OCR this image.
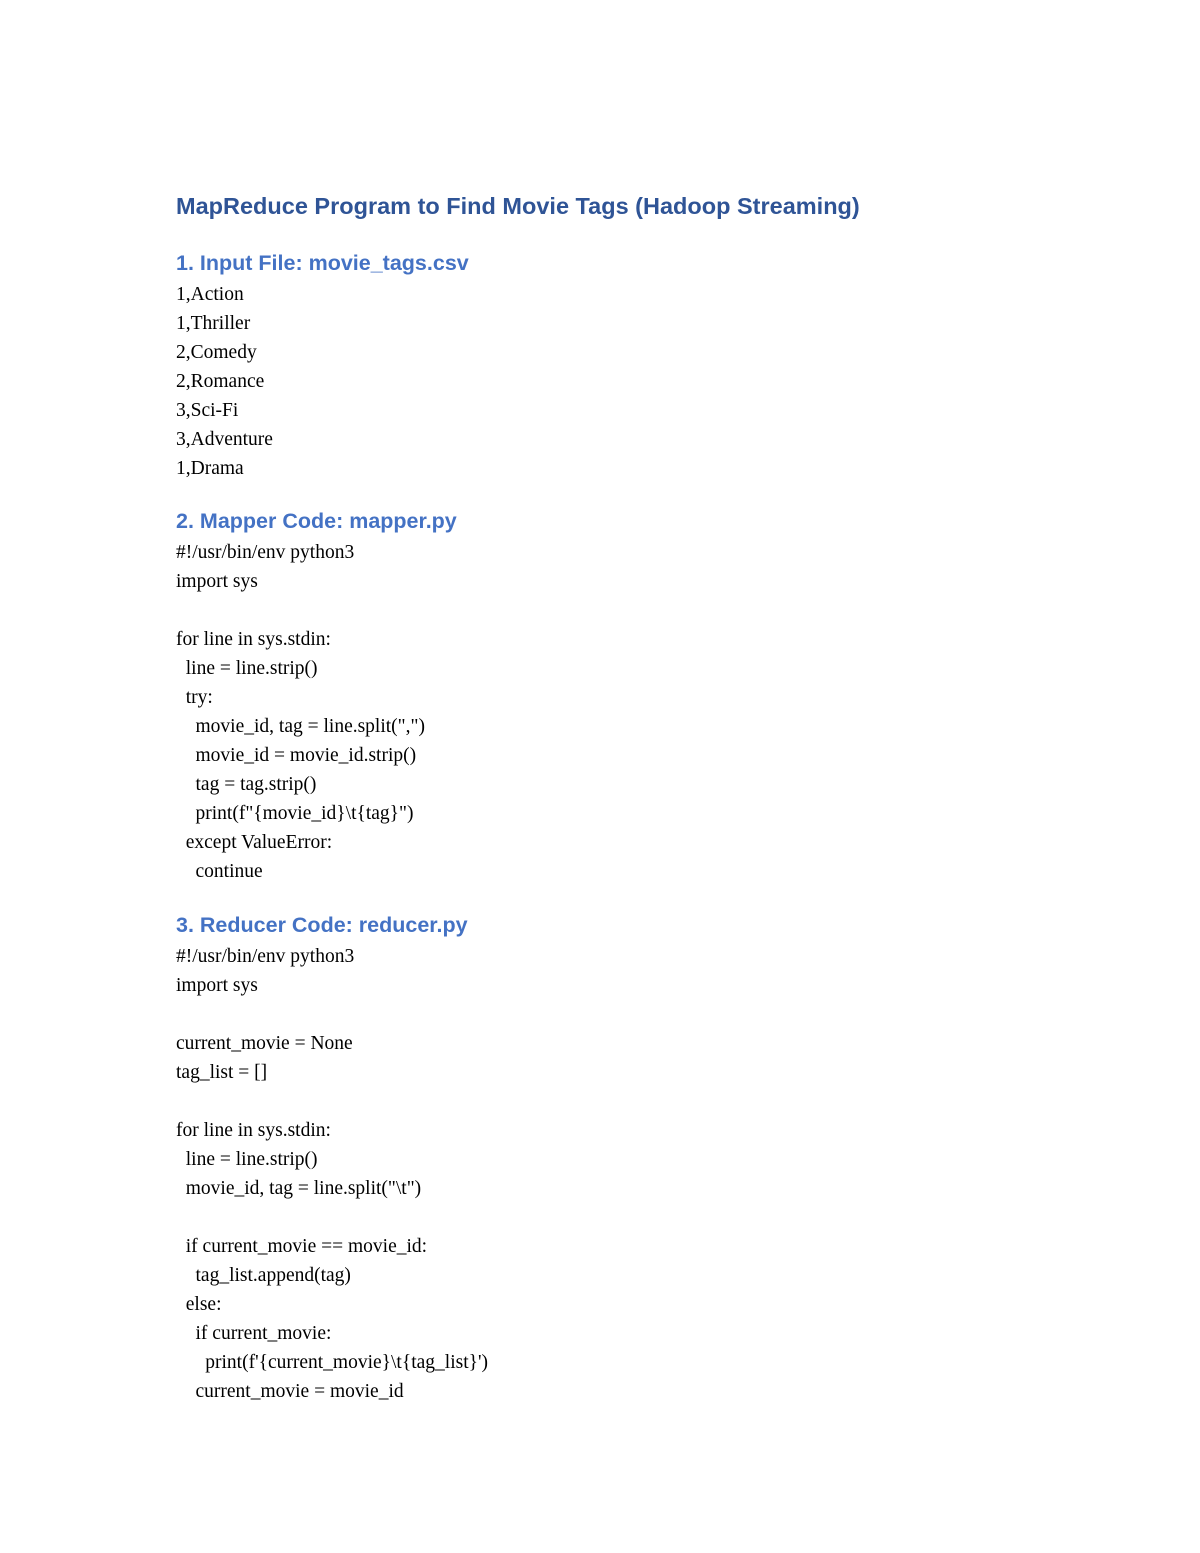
MapReduce Program to Find Movie Tags (Hadoop Streaming)
1. Input File: movie_tags.csv
1,Action
1,Thriller
2,Comedy
2,Romance
3,Sci-Fi
3,Adventure
1,Drama
2. Mapper Code: mapper.py
#!/usr/bin/env python3
import sys
for line in sys.stdin:
line = line.strip()
try:
movie_id, tag = line.split(",")
movie_id = movie_id.strip()
tag = tag.strip()
print(f"{movie_id}\t{tag}")
except ValueError:
continue
3. Reducer Code: reducer.py
#!/usr/bin/env python3
import sys
current_movie = None
tag_list = []
for line in sys.stdin:
line = line.strip()
movie_id, tag = line.split("\t")
if current_movie == movie_id:
tag_list.append(tag)
else:
if current_movie:
print(f'{current_movie}\t{tag_list}')
current_movie = movie_id
